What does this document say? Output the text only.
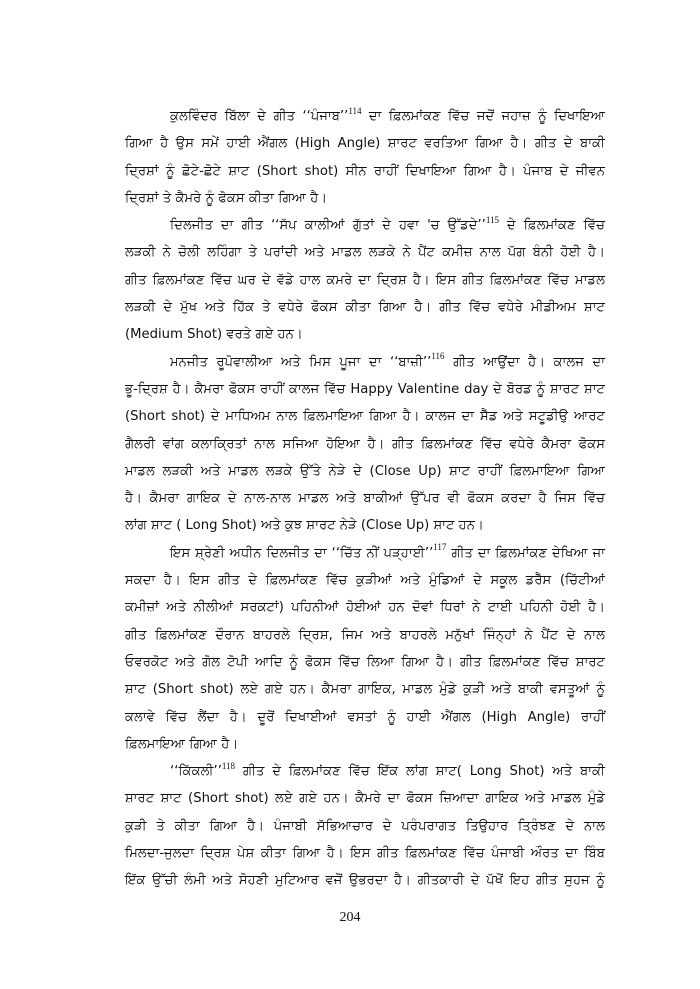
ਕੁਲਵਿੰਦਰ ਬਿੱਲਾ ਦੇ ਗੀਤ ‘‘ਪੰਜਾਬ’’$^{114}$ ਦਾ ਫ਼ਿਲਮਾਂਕਣ ਵਿੱਚ ਜਦੋਂ ਜਹਾਜ਼ ਨੂੰ ਦਿਖਾਇਆ
ਗਿਆ ਹੈ ਉਸ ਸਮੇਂ ਹਾਈ ਐਂਗਲ (High Angle) ਸ਼ਾਰਟ ਵਰਤਿਆ ਗਿਆ ਹੈ। ਗੀਤ ਦੇ ਬਾਕੀ
ਦ੍ਰਿਸ਼ਾਂ ਨੂੰ ਛੋਟੇ-ਛੋਟੇ ਸ਼ਾਟ (Short shot) ਸੀਨ ਰਾਹੀਂ ਦਿਖਾਇਆ ਗਿਆ ਹੈ। ਪੰਜਾਬ ਦੇ ਜੀਵਨ
ਦ੍ਰਿਸ਼ਾਂ ਤੇ ਕੈਮਰੇ ਨੂੰ ਫੋਕਸ ਕੀਤਾ ਗਿਆ ਹੈ।
ਦਿਲਜੀਤ ਦਾ ਗੀਤ ‘‘ਸੱਪ ਕਾਲੀਆਂ ਗੁੱਤਾਂ ਦੇ ਹਵਾ 'ਚ ਉੱਡਦੇ’’$^{115}$ ਦੇ ਫ਼ਿਲਮਾਂਕਣ ਵਿੱਚ
ਲੜਕੀ ਨੇ ਚੋਲੀ ਲਹਿੰਗਾ ਤੇ ਪਰਾਂਦੀ ਅਤੇ ਮਾਡਲ ਲੜਕੇ ਨੇ ਪੈਂਟ ਕਮੀਜ਼ ਨਾਲ ਪੱਗ ਬੰਨੀ ਹੋਈ ਹੈ।
ਗੀਤ ਫ਼ਿਲਮਾਂਕਣ ਵਿੱਚ ਘਰ ਦੇ ਵੱਡੇ ਹਾਲ ਕਮਰੇ ਦਾ ਦ੍ਰਿਸ਼ ਹੈ। ਇਸ ਗੀਤ ਫ਼ਿਲਮਾਂਕਣ ਵਿੱਚ ਮਾਡਲ
ਲੜਕੀ ਦੇ ਮੁੱਖ ਅਤੇ ਹਿੱਕ ਤੇ ਵਧੇਰੇ ਫੋਕਸ ਕੀਤਾ ਗਿਆ ਹੈ। ਗੀਤ ਵਿੱਚ ਵਧੇਰੇ ਮੀਡੀਅਮ ਸ਼ਾਟ
(Medium Shot) ਵਰਤੇ ਗਏ ਹਨ।
ਮਨਜੀਤ ਰੂਪੋਵਾਲੀਆ ਅਤੇ ਮਿਸ ਪੂਜਾ ਦਾ ‘‘ਬਾਜ਼ੀ’’$^{116}$ ਗੀਤ ਆਉਂਦਾ ਹੈ। ਕਾਲਜ ਦਾ
ਭੂ-ਦ੍ਰਿਸ਼ ਹੈ। ਕੈਮਰਾ ਫੋਕਸ ਰਾਹੀਂ ਕਾਲਜ ਵਿੱਚ Happy Valentine day ਦੇ ਬੋਰਡ ਨੂੰ ਸ਼ਾਰਟ ਸ਼ਾਟ
(Short shot) ਦੇ ਮਾਧਿਅਮ ਨਾਲ ਫ਼ਿਲਮਾਇਆ ਗਿਆ ਹੈ। ਕਾਲਜ ਦਾ ਸੈੱਡ ਅਤੇ ਸਟੂਡੀਉ ਆਰਟ
ਗੈਲਰੀ ਵਾਂਗ ਕਲਾਕ੍ਰਿਤਾਂ ਨਾਲ ਸਜਿਆ ਹੋਇਆ ਹੈ। ਗੀਤ ਫ਼ਿਲਮਾਂਕਣ ਵਿੱਚ ਵਧੇਰੇ ਕੈਮਰਾ ਫੋਕਸ
ਮਾਡਲ ਲੜਕੀ ਅਤੇ ਮਾਡਲ ਲੜਕੇ ਉੱਤੇ ਨੇੜੇ ਦੇ (Close Up) ਸ਼ਾਟ ਰਾਹੀਂ ਫ਼ਿਲਮਾਇਆ ਗਿਆ
ਹੈ। ਕੈਮਰਾ ਗਾਇਕ ਦੇ ਨਾਲ-ਨਾਲ ਮਾਡਲ ਅਤੇ ਬਾਕੀਆਂ ਉੱਪਰ ਵੀ ਫੋਕਸ ਕਰਦਾ ਹੈ ਜਿਸ ਵਿੱਚ
ਲਾਂਗ ਸ਼ਾਟ ( Long Shot) ਅਤੇ ਕੁਝ ਸ਼ਾਰਟ ਨੇੜੇ (Close Up) ਸ਼ਾਟ ਹਨ।
ਇਸ ਸ਼੍ਰੇਣੀ ਅਧੀਨ ਦਿਲਜੀਤ ਦਾ ‘‘ਚਿੱਤ ਨੀਂ ਪੜ੍ਹਾਈ’’$^{117}$ ਗੀਤ ਦਾ ਫ਼ਿਲਮਾਂਕਣ ਦੇਖਿਆ ਜਾ
ਸਕਦਾ ਹੈ। ਇਸ ਗੀਤ ਦੇ ਫ਼ਿਲਮਾਂਕਣ ਵਿੱਚ ਕੁੜੀਆਂ ਅਤੇ ਮੁੰਡਿਆਂ ਦੇ ਸਕੂਲ ਡਰੈੱਸ (ਚਿੱਟੀਆਂ
ਕਮੀਜ਼ਾਂ ਅਤੇ ਨੀਲੀਆਂ ਸਰਕਟਾਂ) ਪਹਿਨੀਆਂ ਹੋਈਆਂ ਹਨ ਦੋਵਾਂ ਧਿਰਾਂ ਨੇ ਟਾਈ ਪਹਿਨੀ ਹੋਈ ਹੈ।
ਗੀਤ ਫ਼ਿਲਮਾਂਕਣ ਦੌਰਾਨ ਬਾਹਰਲੇ ਦ੍ਰਿਸ਼, ਜਿਮ ਅਤੇ ਬਾਹਰਲੇ ਮਨੁੱਖਾਂ ਜਿੰਨ੍ਹਾਂ ਨੇ ਪੈਂਟ ਦੇ ਨਾਲ
ਓਵਰਕੋਟ ਅਤੇ ਗੋਲ ਟੋਪੀ ਆਦਿ ਨੂੰ ਫੋਕਸ ਵਿੱਚ ਲਿਆ ਗਿਆ ਹੈ। ਗੀਤ ਫ਼ਿਲਮਾਂਕਣ ਵਿੱਚ ਸ਼ਾਰਟ
ਸ਼ਾਟ (Short shot) ਲਏ ਗਏ ਹਨ। ਕੈਮਰਾ ਗਾਇਕ, ਮਾਡਲ ਮੁੰਡੇ ਕੁੜੀ ਅਤੇ ਬਾਕੀ ਵਸਤੂਆਂ ਨੂੰ
ਕਲਾਵੇ ਵਿੱਚ ਲੈਂਦਾ ਹੈ। ਦੂਰੋਂ ਦਿਖਾਈਆਂ ਵਸਤਾਂ ਨੂੰ ਹਾਈ ਐਂਗਲ (High Angle) ਰਾਹੀਂ
ਫ਼ਿਲਮਾਇਆ ਗਿਆ ਹੈ।
‘‘ਕਿੱਕਲੀ’’$^{118}$ ਗੀਤ ਦੇ ਫ਼ਿਲਮਾਂਕਣ ਵਿੱਚ ਇੱਕ ਲਾਂਗ ਸ਼ਾਟ( Long Shot) ਅਤੇ ਬਾਕੀ
ਸ਼ਾਰਟ ਸ਼ਾਟ (Short shot) ਲਏ ਗਏ ਹਨ। ਕੈਮਰੇ ਦਾ ਫੋਕਸ ਜ਼ਿਆਦਾ ਗਾਇਕ ਅਤੇ ਮਾਡਲ ਮੁੰਡੇ
ਕੁੜੀ ਤੇ ਕੀਤਾ ਗਿਆ ਹੈ। ਪੰਜਾਬੀ ਸੱਭਿਆਚਾਰ ਦੇ ਪਰੰਪਰਾਗਤ ਤਿਉਹਾਰ ਤ੍ਰਿੰਝਣ ਦੇ ਨਾਲ
ਮਿਲਦਾ-ਜੁਲਦਾ ਦ੍ਰਿਸ਼ ਪੇਸ਼ ਕੀਤਾ ਗਿਆ ਹੈ। ਇਸ ਗੀਤ ਫ਼ਿਲਮਾਂਕਣ ਵਿੱਚ ਪੰਜਾਬੀ ਔਰਤ ਦਾ ਬਿੰਬ
ਇੱਕ ਉੱਚੀ ਲੰਮੀ ਅਤੇ ਸੋਹਣੀ ਮੁਟਿਆਰ ਵਜੋਂ ਉਭਰਦਾ ਹੈ। ਗੀਤਕਾਰੀ ਦੇ ਪੱਖੋਂ ਇਹ ਗੀਤ ਸੁਹਜ ਨੂੰ
204
